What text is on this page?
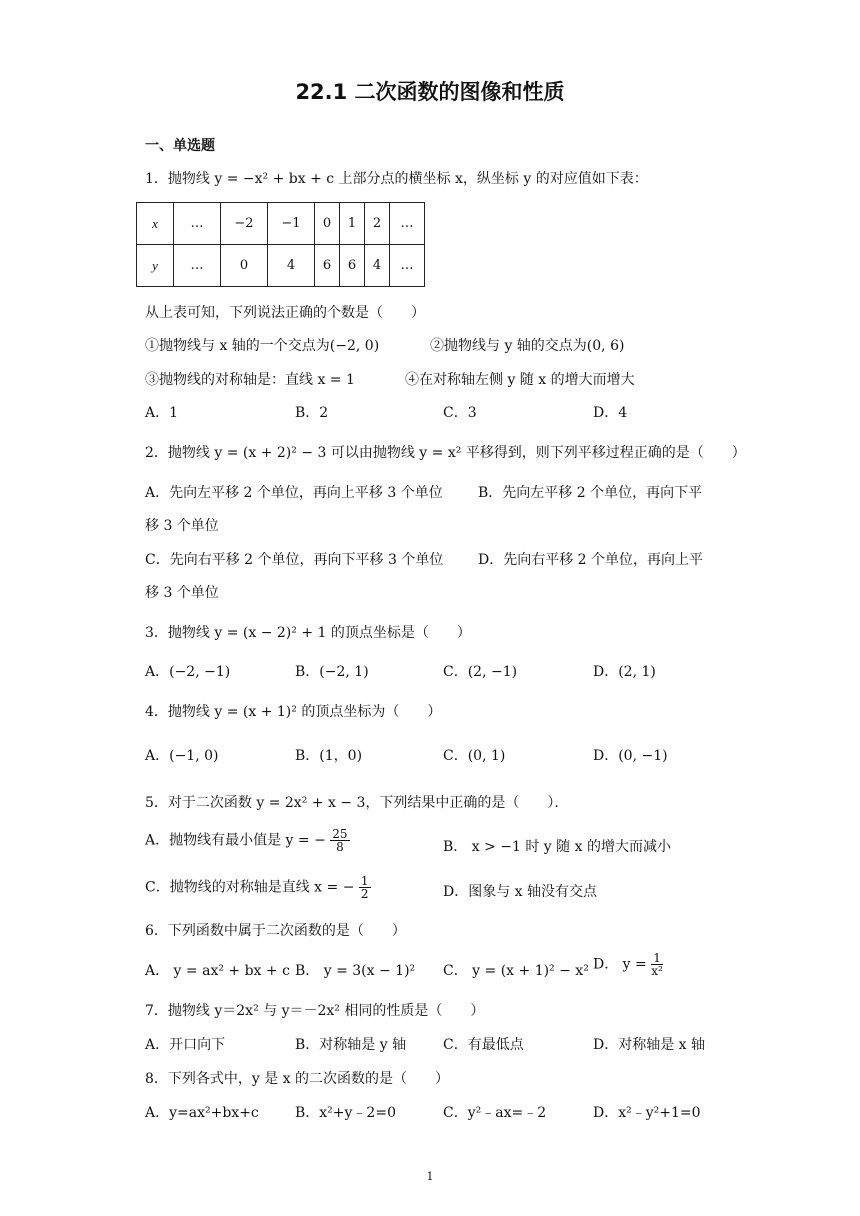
22.1 二次函数的图像和性质
一、单选题
1．抛物线 y = −x² + bx + c 上部分点的横坐标 x，纵坐标 y 的对应值如下表：
x	…	−2	−1	0	1	2	…
y	…	0	4	6	6	4	…
从上表可知，下列说法正确的个数是（　　）
①抛物线与 x 轴的一个交点为(−2, 0)	②抛物线与 y 轴的交点为(0, 6)
③抛物线的对称轴是：直线 x = 1	④在对称轴左侧 y 随 x 的增大而增大
A．1	B．2	C．3	D．4
2．抛物线 y = (x + 2)² − 3 可以由抛物线 y = x² 平移得到，则下列平移过程正确的是（　　）
A．先向左平移 2 个单位，再向上平移 3 个单位	B．先向左平移 2 个单位，再向下平
移 3 个单位
C．先向右平移 2 个单位，再向下平移 3 个单位 D．先向右平移 2 个单位，再向上平
移 3 个单位
3．抛物线 y = (x − 2)² + 1 的顶点坐标是（　　）
A．(−2, −1)	B．(−2, 1)	C．(2, −1)	D．(2, 1)
4．抛物线 y = (x + 1)² 的顶点坐标为（　　）
A．(−1, 0)	B．(1，0)	C．(0, 1)	D．(0, −1)
5．对于二次函数 y = 2x² + x − 3，下列结果中正确的是（　　）．
A．抛物线有最小值是 y = − $\frac{25}{8}$	B． x > −1 时 y 随 x 的增大而减小
C．抛物线的对称轴是直线 x = − $\frac{1}{2}$	D．图象与 x 轴没有交点
6．下列函数中属于二次函数的是（　　）
A． y = ax² + bx + c B． y = 3(x − 1)² C． y = (x + 1)² − x² D． $y = \frac{1}{\text{x²}}$
7．抛物线 y＝2x² 与 y＝－2x² 相同的性质是（　　）
A．开口向下	B．对称轴是 y 轴	C．有最低点	D．对称轴是 x 轴
8．下列各式中，y 是 x 的二次函数的是（　　）
A．y=ax²+bx+c	B．x²+y﹣2=0	C．y²﹣ax=﹣2	D．x²﹣y²+1=0
1
